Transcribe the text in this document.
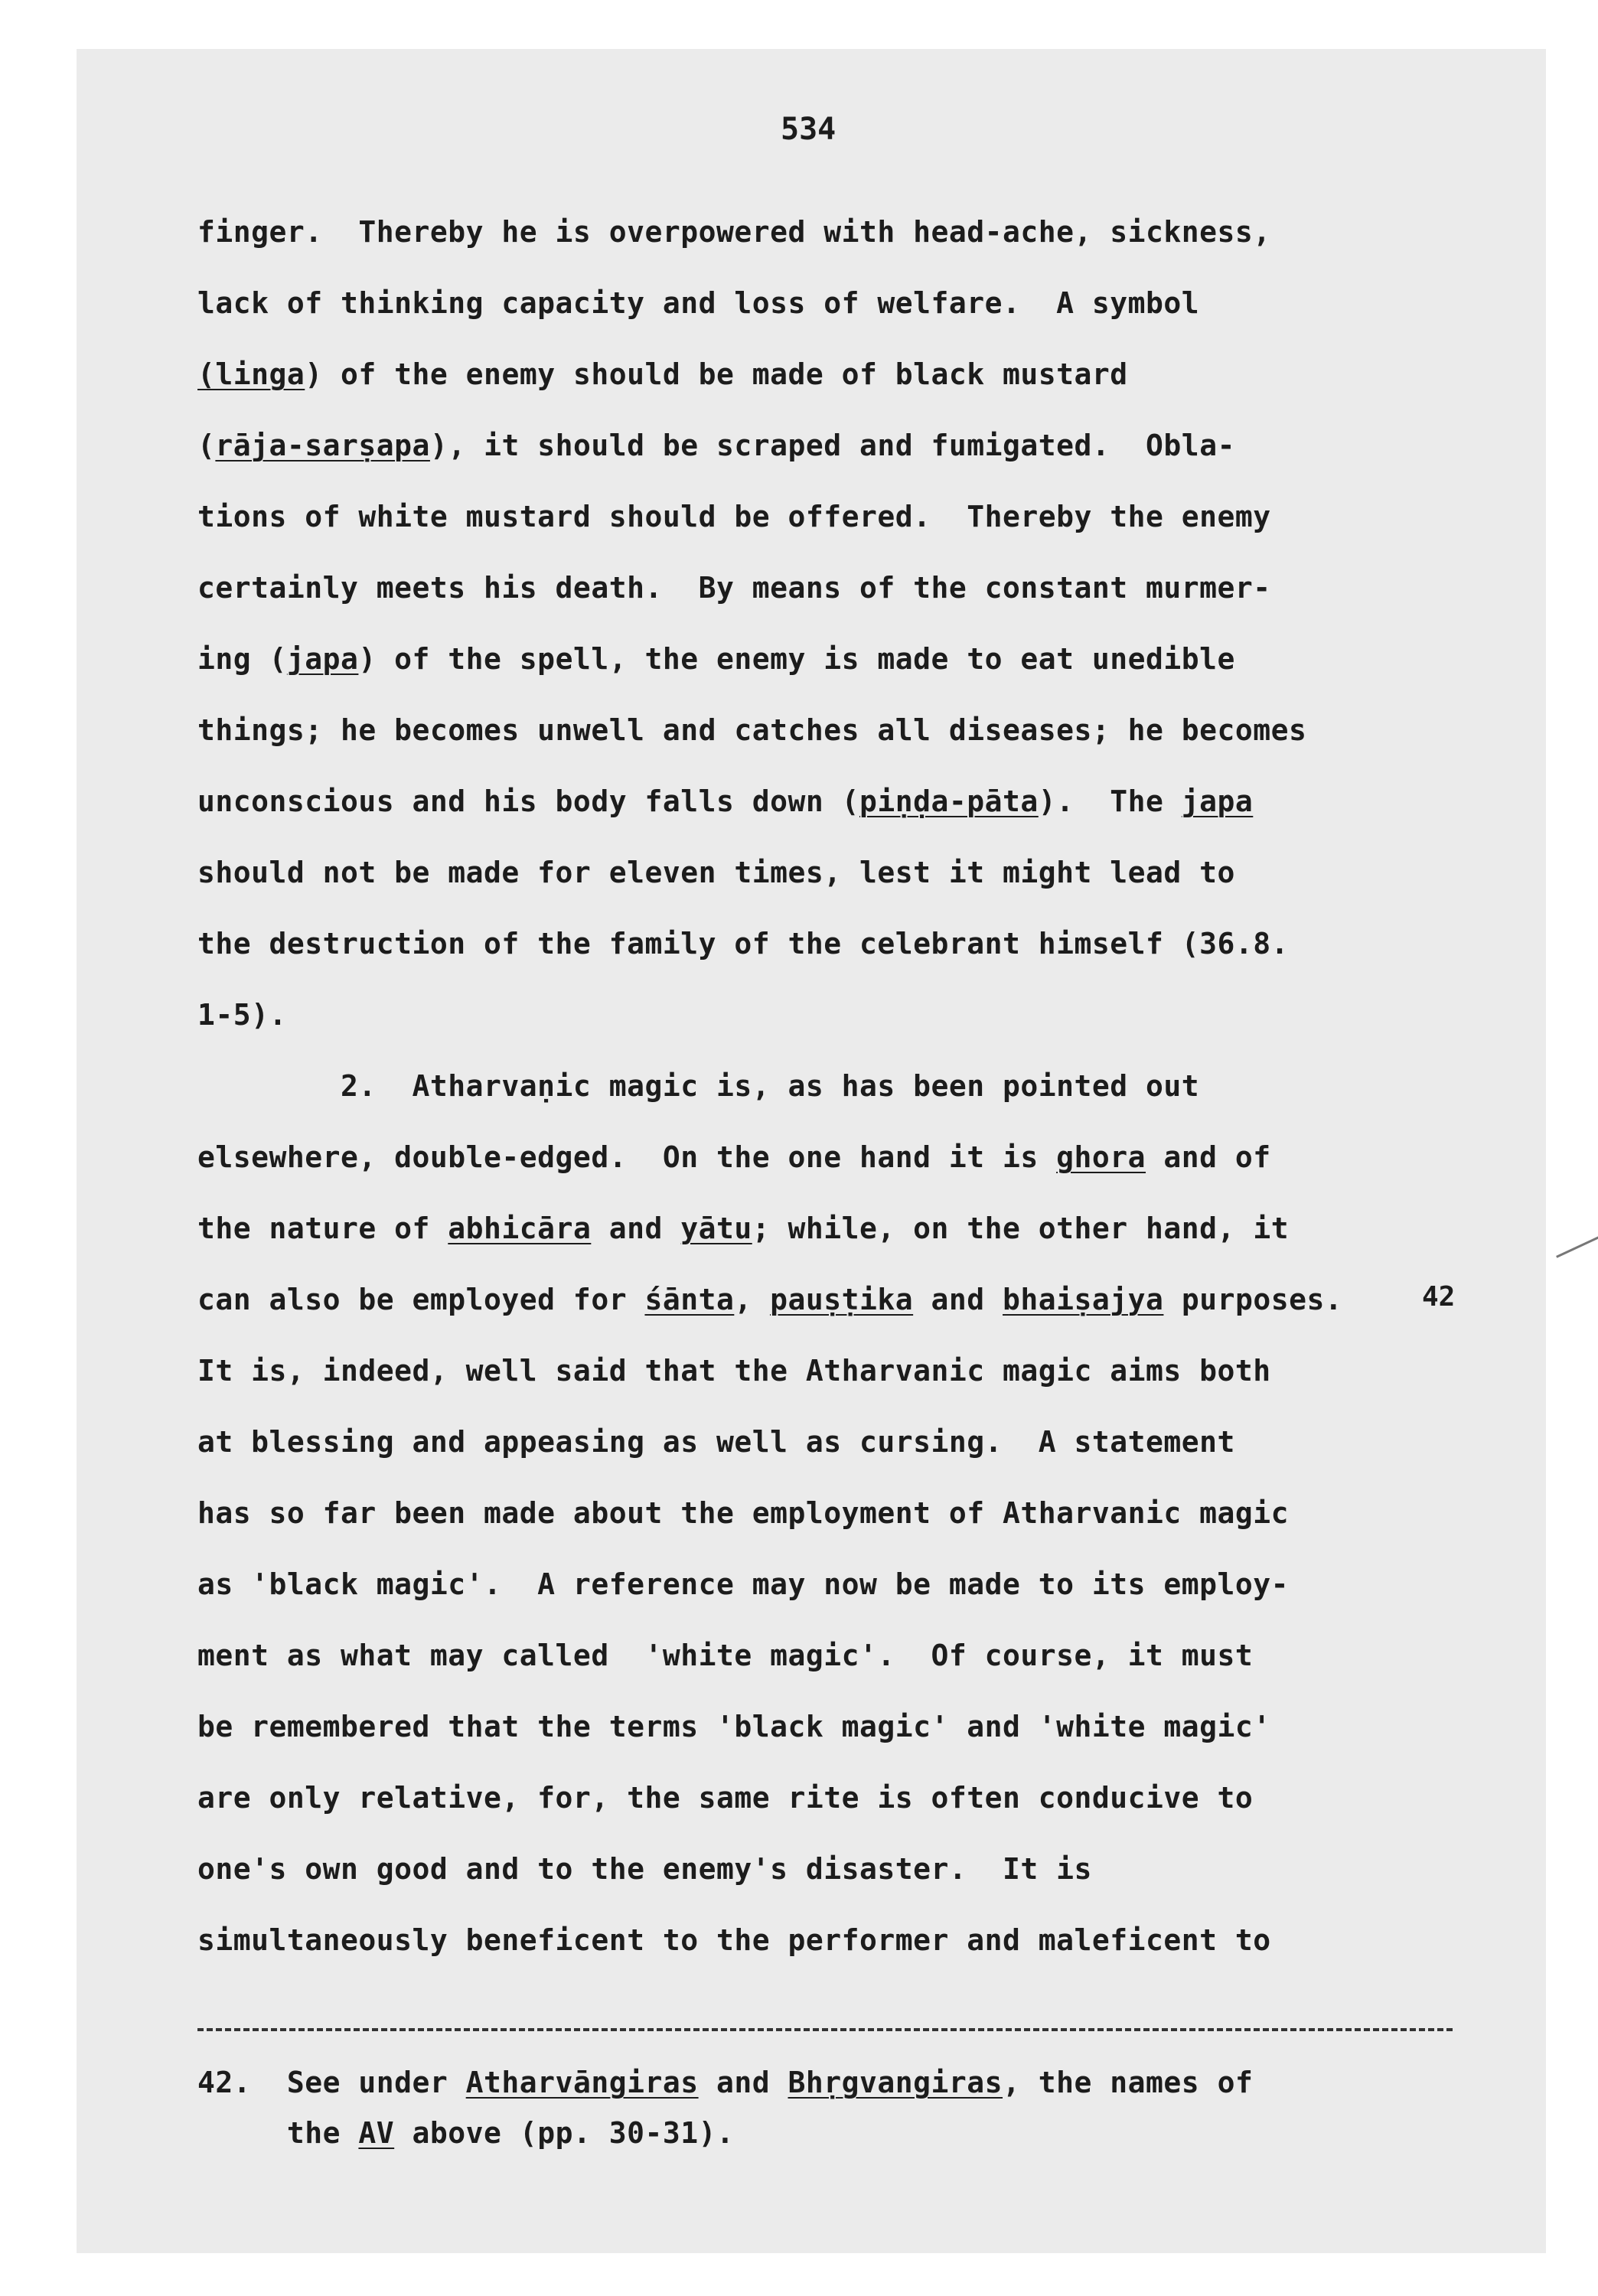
534
finger.  Thereby he is overpowered with head-ache, sickness,
lack of thinking capacity and loss of welfare.  A symbol
(linga) of the enemy should be made of black mustard
(rāja-sarṣapa), it should be scraped and fumigated.  Obla-
tions of white mustard should be offered.  Thereby the enemy
certainly meets his death.  By means of the constant murmer-
ing (japa) of the spell, the enemy is made to eat unedible
things; he becomes unwell and catches all diseases; he becomes
unconscious and his body falls down (piṇḍa-pāta).  The japa
should not be made for eleven times, lest it might lead to
the destruction of the family of the celebrant himself (36.8.
1-5).
2.  Atharvaṇic magic is, as has been pointed out
elsewhere, double-edged.  On the one hand it is ghora and of
the nature of abhicāra and yātu; while, on the other hand, it
can also be employed for śānta, pauṣṭika and bhaiṣajya purposes.
It is, indeed, well said that the Atharvanic magic aims both
at blessing and appeasing as well as cursing.  A statement
has so far been made about the employment of Atharvanic magic
as 'black magic'.  A reference may now be made to its employ-
ment as what may called  'white magic'.  Of course, it must
be remembered that the terms 'black magic' and 'white magic'
are only relative, for, the same rite is often conducive to
one's own good and to the enemy's disaster.  It is
simultaneously beneficent to the performer and maleficent to
42
42.  See under Atharvāngiras and Bhṛgvangiras, the names of
the AV above (pp. 30-31).
